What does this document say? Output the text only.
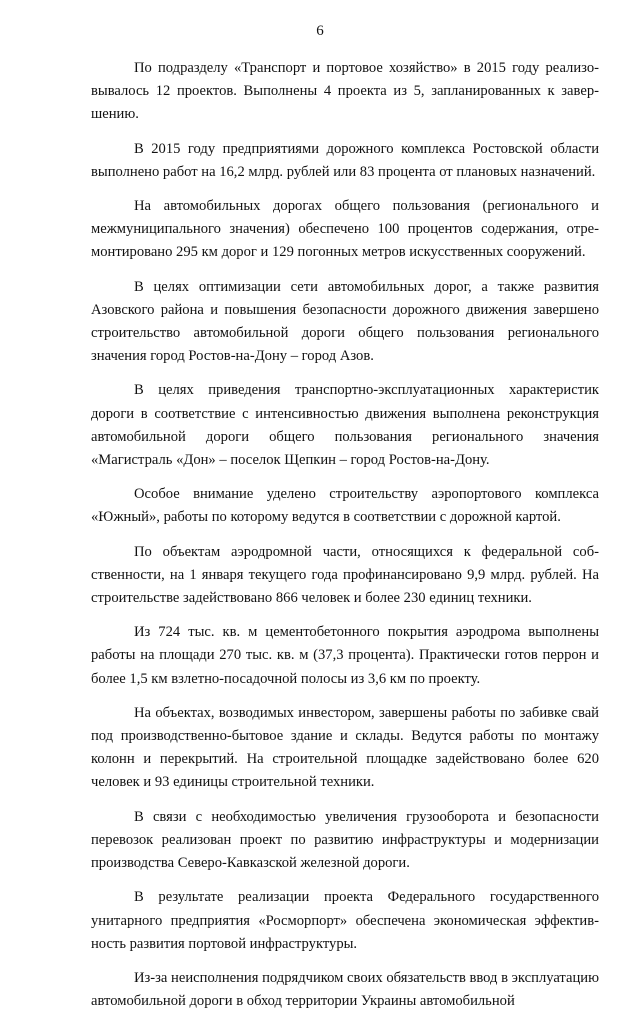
6

По подразделу «Транспорт и портовое хозяйство» в 2015 году реализовывалось 12 проектов. Выполнены 4 проекта из 5, запланированных к завершению.

В 2015 году предприятиями дорожного комплекса Ростовской области выполнено работ на 16,2 млрд. рублей или 83 процента от плановых назначений.

На автомобильных дорогах общего пользования (регионального и межмуниципального значения) обеспечено 100 процентов содержания, отремонтировано 295 км дорог и 129 погонных метров искусственных сооружений.

В целях оптимизации сети автомобильных дорог, а также развития Азовского района и повышения безопасности дорожного движения завершено строительство автомобильной дороги общего пользования регионального значения город Ростов-на-Дону – город Азов.

В целях приведения транспортно-эксплуатационных характеристик дороги в соответствие с интенсивностью движения выполнена реконструкция автомобильной дороги общего пользования регионального значения «Магистраль «Дон» – поселок Щепкин – город Ростов-на-Дону.

Особое внимание уделено строительству аэропортового комплекса «Южный», работы по которому ведутся в соответствии с дорожной картой.

По объектам аэродромной части, относящихся к федеральной собственности, на 1 января текущего года профинансировано 9,9 млрд. рублей. На строительстве задействовано 866 человек и более 230 единиц техники.

Из 724 тыс. кв. м цементобетонного покрытия аэродрома выполнены работы на площади 270 тыс. кв. м (37,3 процента). Практически готов перрон и более 1,5 км взлетно-посадочной полосы из 3,6 км по проекту.

На объектах, возводимых инвестором, завершены работы по забивке свай под производственно-бытовое здание и склады. Ведутся работы по монтажу колонн и перекрытий. На строительной площадке задействовано более 620 человек и 93 единицы строительной техники.

В связи с необходимостью увеличения грузооборота и безопасности перевозок реализован проект по развитию инфраструктуры и модернизации производства Северо-Кавказской железной дороги.

В результате реализации проекта Федерального государственного унитарного предприятия «Росморпорт» обеспечена экономическая эффективность развития портовой инфраструктуры.

Из-за неисполнения подрядчиком своих обязательств ввод в эксплуатацию автомобильной дороги в обход территории Украины автомобильной
